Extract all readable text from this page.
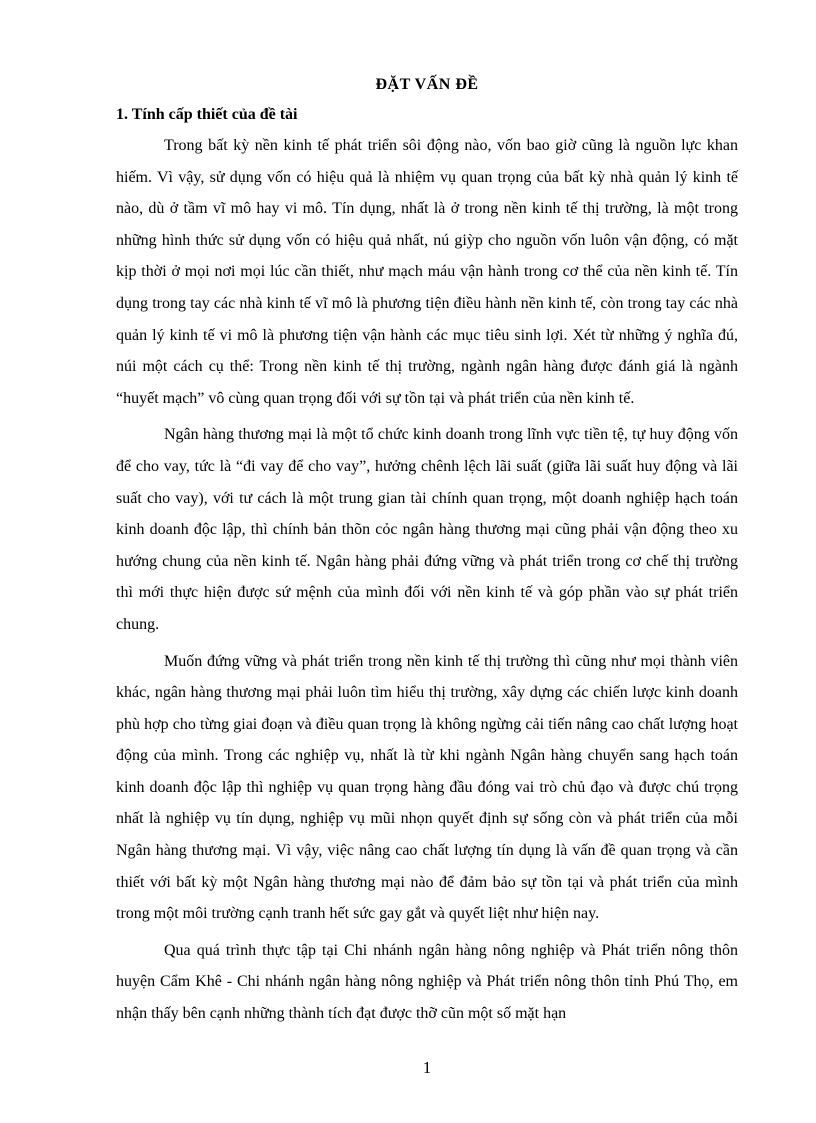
ĐẶT VẤN ĐỀ
1. Tính cấp thiết của đề tài

Trong bất kỳ nền kinh tế phát triển sôi động nào, vốn bao giờ cũng là nguồn lực khan hiếm. Vì vậy, sử dụng vốn có hiệu quả là nhiệm vụ quan trọng của bất kỳ nhà quản lý kinh tế nào, dù ở tầm vĩ mô hay vi mô. Tín dụng, nhất là ở trong nền kinh tế thị trường, là một trong những hình thức sử dụng vốn có hiệu quả nhất, nú giỳp cho nguồn vốn luôn vận động, có mặt kịp thời ở mọi nơi mọi lúc cần thiết, như mạch máu vận hành trong cơ thể của nền kinh tế. Tín dụng trong tay các nhà kinh tế vĩ mô là phương tiện điều hành nền kinh tế, còn trong tay các nhà quản lý kinh tế vi mô là phương tiện vận hành các mục tiêu sinh lợi. Xét từ những ý nghĩa đú, núi một cách cụ thể: Trong nền kinh tế thị trường, ngành ngân hàng được đánh giá là ngành “huyết mạch” vô cùng quan trọng đối với sự tồn tại và phát triển của nền kinh tế.

Ngân hàng thương mại là một tổ chức kinh doanh trong lĩnh vực tiền tệ, tự huy động vốn để cho vay, tức là “đi vay để cho vay”, hưởng chênh lệch lãi suất (giữa lãi suất huy động và lãi suất cho vay), với tư cách là một trung gian tài chính quan trọng, một doanh nghiệp hạch toán kinh doanh độc lập, thì chính bản thõn cỏc ngân hàng thương mại cũng phải vận động theo xu hướng chung của nền kinh tế. Ngân hàng phải đứng vững và phát triển trong cơ chế thị trường thì mới thực hiện được sứ mệnh của mình đối với nền kinh tế và góp phần vào sự phát triển chung.

Muốn đứng vững và phát triển trong nền kinh tế thị trường thì cũng như mọi thành viên khác, ngân hàng thương mại phải luôn tìm hiểu thị trường, xây dựng các chiến lược kinh doanh phù hợp cho từng giai đoạn và điều quan trọng là không ngừng cải tiến nâng cao chất lượng hoạt động của mình. Trong các nghiệp vụ, nhất là từ khi ngành Ngân hàng chuyển sang hạch toán kinh doanh độc lập thì nghiệp vụ quan trọng hàng đầu đóng vai trò chủ đạo và được chú trọng nhất là nghiệp vụ tín dụng, nghiệp vụ mũi nhọn quyết định sự sống còn và phát triển của mỗi Ngân hàng thương mại. Vì vậy, việc nâng cao chất lượng tín dụng là vấn đề quan trọng và cần thiết với bất kỳ một Ngân hàng thương mại nào để đảm bảo sự tồn tại và phát triển của mình trong một môi trường cạnh tranh hết sức gay gắt và quyết liệt như hiện nay.

Qua quá trình thực tập tại Chi nhánh ngân hàng nông nghiệp và Phát triển nông thôn huyện Cẩm Khê - Chi nhánh ngân hàng nông nghiệp và Phát triển nông thôn tỉnh Phú Thọ, em nhận thấy bên cạnh những thành tích đạt được thỡ cũn một số mặt hạn

1
